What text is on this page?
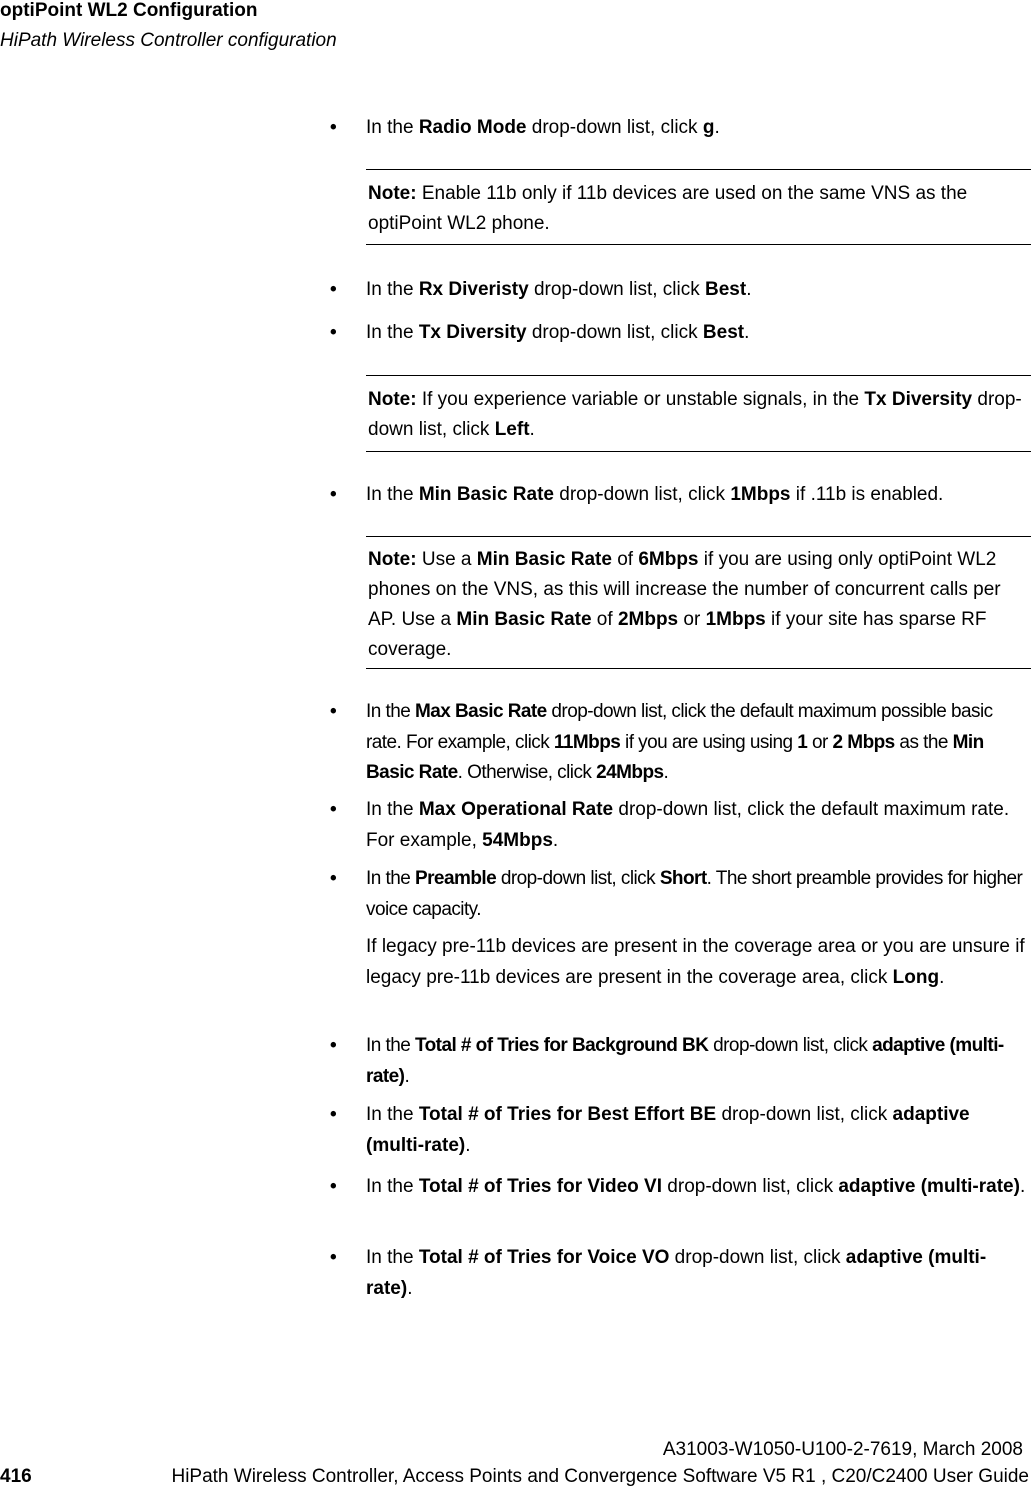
optiPoint WL2 Configuration
HiPath Wireless Controller configuration
•	In the Radio Mode drop-down list, click g.
Note: Enable 11b only if 11b devices are used on the same VNS as the optiPoint WL2 phone.
•	In the Rx Diveristy drop-down list, click Best.
•	In the Tx Diversity drop-down list, click Best.
Note: If you experience variable or unstable signals, in the Tx Diversity drop-down list, click Left.
•	In the Min Basic Rate drop-down list, click 1Mbps if .11b is enabled.
Note: Use a Min Basic Rate of 6Mbps if you are using only optiPoint WL2 phones on the VNS, as this will increase the number of concurrent calls per AP. Use a Min Basic Rate of 2Mbps or 1Mbps if your site has sparse RF coverage.
•	In the Max Basic Rate drop-down list, click the default maximum possible basic rate. For example, click 11Mbps if you are using using 1 or 2 Mbps as the Min Basic Rate. Otherwise, click 24Mbps.
•	In the Max Operational Rate drop-down list, click the default maximum rate. For example, 54Mbps.
•	In the Preamble drop-down list, click Short. The short preamble provides for higher voice capacity.
If legacy pre-11b devices are present in the coverage area or you are unsure if legacy pre-11b devices are present in the coverage area, click Long.
•	In the Total # of Tries for Background BK drop-down list, click adaptive (multi-rate).
•	In the Total # of Tries for Best Effort BE drop-down list, click adaptive (multi-rate).
•	In the Total # of Tries for Video VI drop-down list, click adaptive (multi-rate).
•	In the Total # of Tries for Voice VO drop-down list, click adaptive (multi-rate).
A31003-W1050-U100-2-7619, March 2008
416	HiPath Wireless Controller, Access Points and Convergence Software V5 R1 , C20/C2400 User Guide
